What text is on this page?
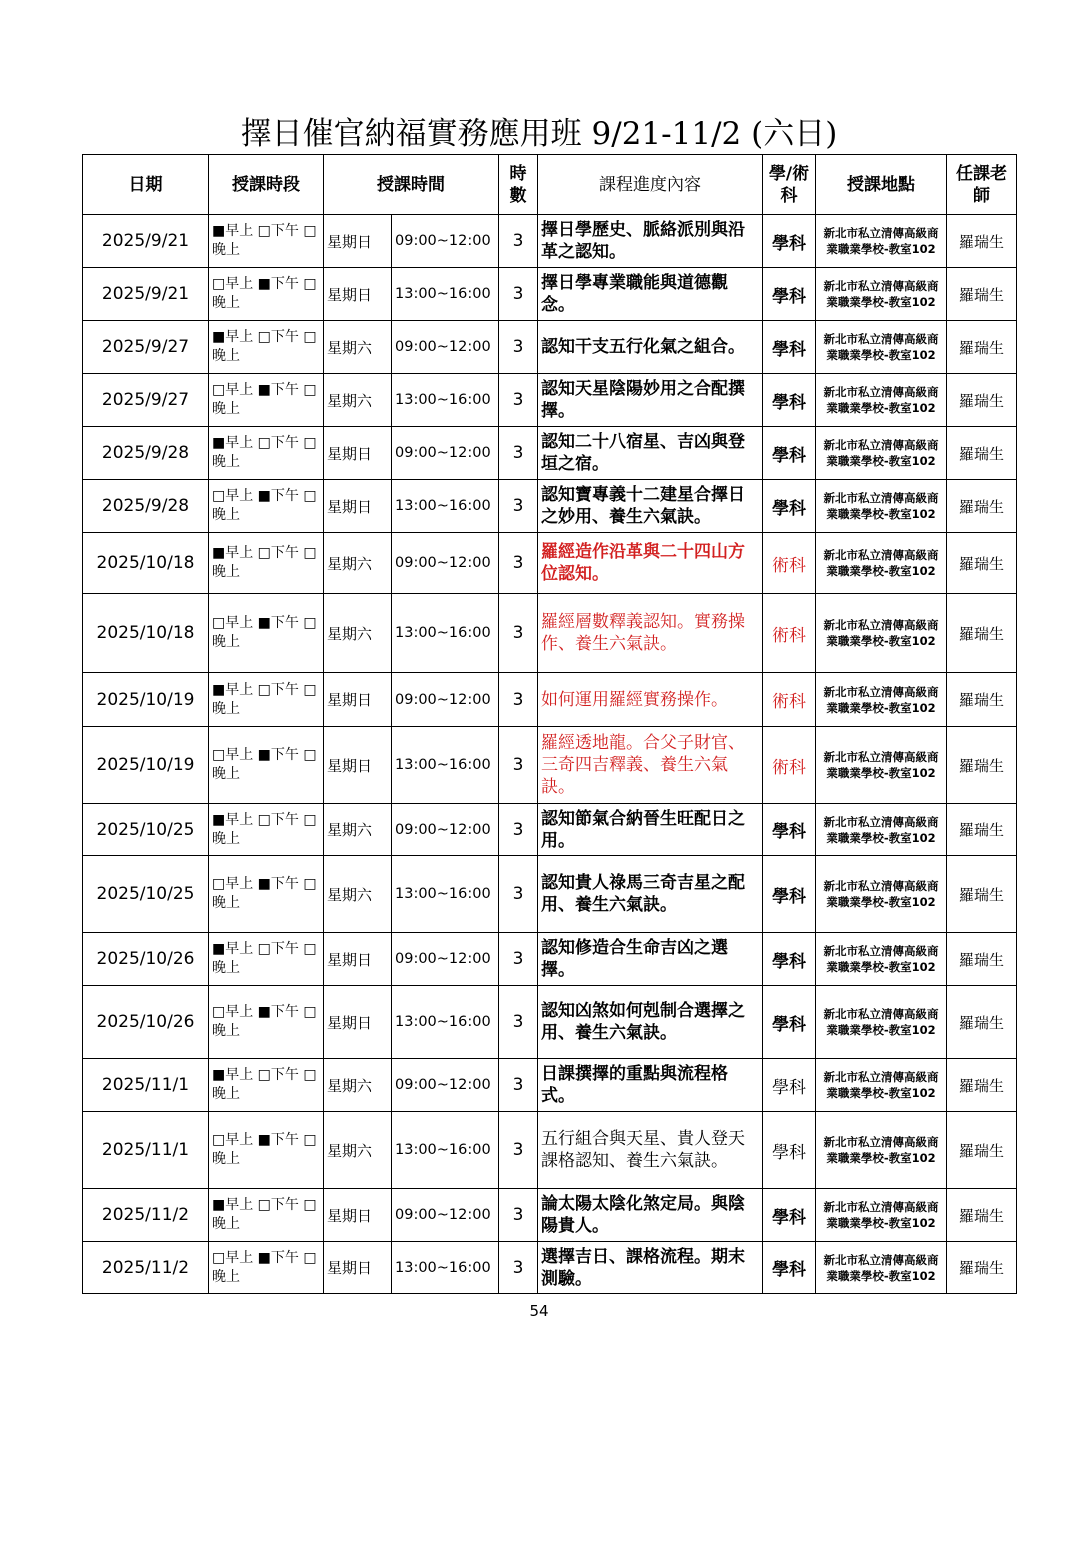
擇日催官納福實務應用班 9/21-11/2 (六日)
日期	授課時段	授課時間		時數	課程進度內容	學/術科	授課地點	任課老師
2025/9/21	■早上 □下午 □晚上	星期日	09:00~12:00	3	擇日學歷史、脈絡派別與沿革之認知。	學科	新北市私立清傳高級商業職業學校-教室102	羅瑞生
2025/9/21	□早上 ■下午 □晚上	星期日	13:00~16:00	3	擇日學專業職能與道德觀念。	學科	新北市私立清傳高級商業職業學校-教室102	羅瑞生
2025/9/27	■早上 □下午 □晚上	星期六	09:00~12:00	3	認知干支五行化氣之組合。	學科	新北市私立清傳高級商業職業學校-教室102	羅瑞生
2025/9/27	□早上 ■下午 □晚上	星期六	13:00~16:00	3	認知天星陰陽妙用之合配撰擇。	學科	新北市私立清傳高級商業職業學校-教室102	羅瑞生
2025/9/28	■早上 □下午 □晚上	星期日	09:00~12:00	3	認知二十八宿星、吉凶與登垣之宿。	學科	新北市私立清傳高級商業職業學校-教室102	羅瑞生
2025/9/28	□早上 ■下午 □晚上	星期日	13:00~16:00	3	認知寶專義十二建星合擇日之妙用、養生六氣訣。	學科	新北市私立清傳高級商業職業學校-教室102	羅瑞生
2025/10/18	■早上 □下午 □晚上	星期六	09:00~12:00	3	羅經造作沿革與二十四山方位認知。	術科	新北市私立清傳高級商業職業學校-教室102	羅瑞生
2025/10/18	□早上 ■下午 □晚上	星期六	13:00~16:00	3	羅經層數釋義認知。實務操作、養生六氣訣。	術科	新北市私立清傳高級商業職業學校-教室102	羅瑞生
2025/10/19	■早上 □下午 □晚上	星期日	09:00~12:00	3	如何運用羅經實務操作。	術科	新北市私立清傳高級商業職業學校-教室102	羅瑞生
2025/10/19	□早上 ■下午 □晚上	星期日	13:00~16:00	3	羅經透地龍。合父子財官、三奇四吉釋義、養生六氣訣。	術科	新北市私立清傳高級商業職業學校-教室102	羅瑞生
2025/10/25	■早上 □下午 □晚上	星期六	09:00~12:00	3	認知節氣合納晉生旺配日之用。	學科	新北市私立清傳高級商業職業學校-教室102	羅瑞生
2025/10/25	□早上 ■下午 □晚上	星期六	13:00~16:00	3	認知貴人祿馬三奇吉星之配用、養生六氣訣。	學科	新北市私立清傳高級商業職業學校-教室102	羅瑞生
2025/10/26	■早上 □下午 □晚上	星期日	09:00~12:00	3	認知修造合生命吉凶之選擇。	學科	新北市私立清傳高級商業職業學校-教室102	羅瑞生
2025/10/26	□早上 ■下午 □晚上	星期日	13:00~16:00	3	認知凶煞如何剋制合選擇之用、養生六氣訣。	學科	新北市私立清傳高級商業職業學校-教室102	羅瑞生
2025/11/1	■早上 □下午 □晚上	星期六	09:00~12:00	3	日課撰擇的重點與流程格式。	學科	新北市私立清傳高級商業職業學校-教室102	羅瑞生
2025/11/1	□早上 ■下午 □晚上	星期六	13:00~16:00	3	五行組合與天星、貴人登天課格認知、養生六氣訣。	學科	新北市私立清傳高級商業職業學校-教室102	羅瑞生
2025/11/2	■早上 □下午 □晚上	星期日	09:00~12:00	3	論太陽太陰化煞定局。與陰陽貴人。	學科	新北市私立清傳高級商業職業學校-教室102	羅瑞生
2025/11/2	□早上 ■下午 □晚上	星期日	13:00~16:00	3	選擇吉日、課格流程。期末測驗。	學科	新北市私立清傳高級商業職業學校-教室102	羅瑞生
54
